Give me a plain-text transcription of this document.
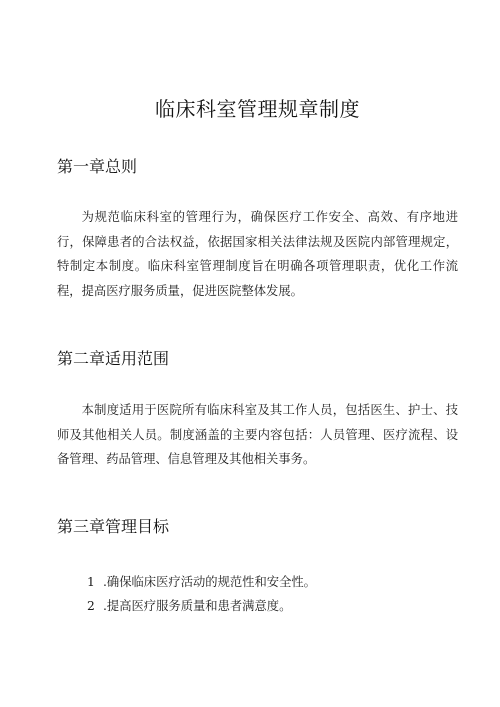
临床科室管理规章制度
第一章总则

为规范临床科室的管理行为，确保医疗工作安全、高效、有序地进行，保障患者的合法权益，依据国家相关法律法规及医院内部管理规定，特制定本制度。临床科室管理制度旨在明确各项管理职责，优化工作流程，提高医疗服务质量，促进医院整体发展。

第二章适用范围

本制度适用于医院所有临床科室及其工作人员，包括医生、护士、技师及其他相关人员。制度涵盖的主要内容包括：人员管理、医疗流程、设备管理、药品管理、信息管理及其他相关事务。

第三章管理目标
1 .确保临床医疗活动的规范性和安全性。
2 .提高医疗服务质量和患者满意度。
